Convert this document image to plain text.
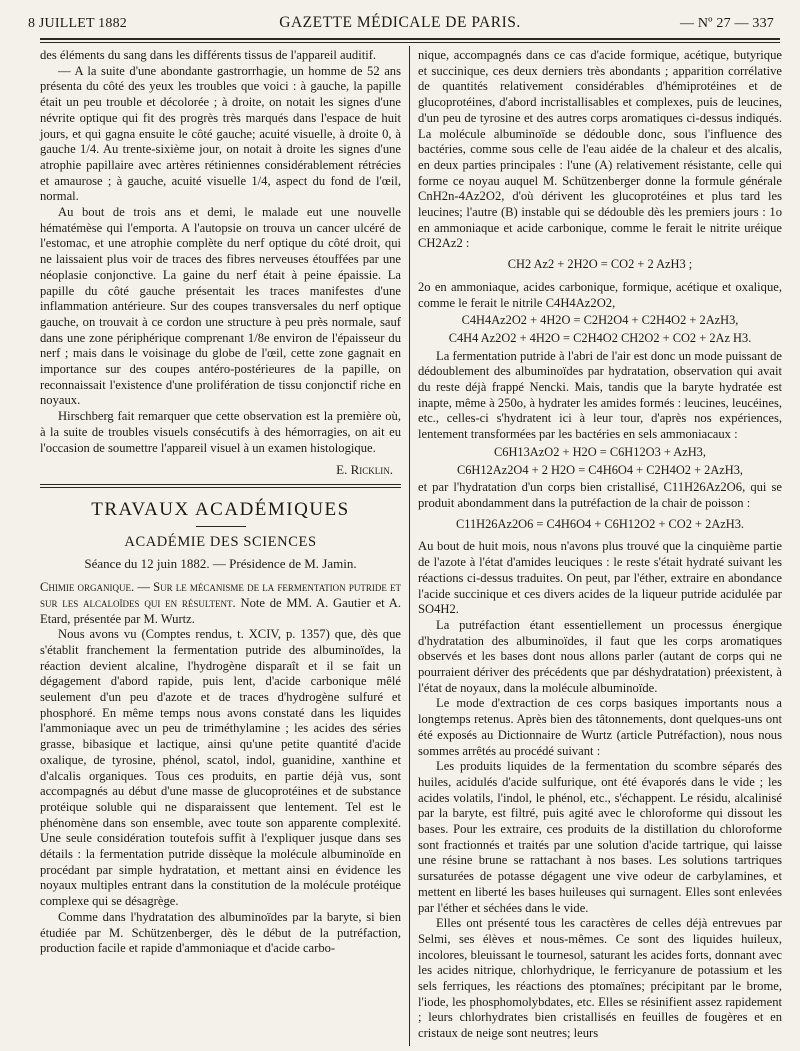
8 JUILLET 1882	GAZETTE MÉDICALE DE PARIS.	— Nº 27 — 337

des éléments du sang dans les différents tissus de l'appareil auditif.

— A la suite d'une abondante gastrorrhagie, un homme de 52 ans présenta du côté des yeux les troubles que voici : à gauche, la papille était un peu trouble et décolorée ; à droite, on notait les signes d'une névrite optique qui fit des progrès très marqués dans l'espace de huit jours, et qui gagna ensuite le côté gauche; acuité visuelle, à droite 0, à gauche 1/4. Au trente-sixième jour, on notait à droite les signes d'une atrophie papillaire avec artères rétiniennes considérablement rétrécies et amaurose ; à gauche, acuité visuelle 1/4, aspect du fond de l'œil, normal.

Au bout de trois ans et demi, le malade eut une nouvelle hématémèse qui l'emporta. A l'autopsie on trouva un cancer ulcéré de l'estomac, et une atrophie complète du nerf optique du côté droit, qui ne laissaient plus voir de traces des fibres nerveuses étouffées par une néoplasie conjonctive. La gaine du nerf était à peine épaissie. La papille du côté gauche présentait les traces manifestes d'une inflammation antérieure. Sur des coupes transversales du nerf optique gauche, on trouvait à ce cordon une structure à peu près normale, sauf dans une zone périphérique comprenant 1/8e environ de l'épaisseur du nerf ; mais dans le voisinage du globe de l'œil, cette zone gagnait en importance sur des coupes antéro-postérieures de la papille, on reconnaissait l'existence d'une prolifération de tissu conjonctif riche en noyaux.

Hirschberg fait remarquer que cette observation est la première où, à la suite de troubles visuels consécutifs à des hémorragies, on ait eu l'occasion de soumettre l'appareil visuel à un examen histologique.

E. Ricklin.
TRAVAUX ACADÉMIQUES
ACADÉMIE DES SCIENCES
Séance du 12 juin 1882. — Présidence de M. Jamin.

Chimie organique. — Sur le mécanisme de la fermentation putride et sur les alcaloïdes qui en résultent. Note de MM. A. Gautier et A. Etard, présentée par M. Wurtz.

Nous avons vu (Comptes rendus, t. XCIV, p. 1357) que, dès que s'établit franchement la fermentation putride des albuminoïdes, la réaction devient alcaline, l'hydrogène disparaît et il se fait un dégagement d'abord rapide, puis lent, d'acide carbonique mêlé seulement d'un peu d'azote et de traces d'hydrogène sulfuré et phosphoré. En même temps nous avons constaté dans les liquides l'ammoniaque avec un peu de triméthylamine ; les acides des séries grasse, bibasique et lactique, ainsi qu'une petite quantité d'acide oxalique, de tyrosine, phénol, scatol, indol, guanidine, xanthine et d'alcalis organiques. Tous ces produits, en partie déjà vus, sont accompagnés au début d'une masse de glucoprotéines et de substance protéique soluble qui ne disparaissent que lentement. Tel est le phénomène dans son ensemble, avec toute son apparente complexité. Une seule considération toutefois suffit à l'expliquer jusque dans ses détails : la fermentation putride dissèque la molécule albuminoïde en procédant par simple hydratation, et mettant ainsi en évidence les noyaux multiples entrant dans la constitution de la molécule protéique complexe qui se désagrège.

Comme dans l'hydratation des albuminoïdes par la baryte, si bien étudiée par M. Schützenberger, dès le début de la putréfaction, production facile et rapide d'ammoniaque et d'acide carbo-

nique, accompagnés dans ce cas d'acide formique, acétique, butyrique et succinique, ces deux derniers très abondants ; apparition corrélative de quantités relativement considérables d'hémiprotéines et de glucoprotéines, d'abord incristallisables et complexes, puis de leucines, d'un peu de tyrosine et des autres corps aromatiques ci-dessus indiqués. La molécule albuminoïde se dédouble donc, sous l'influence des bactéries, comme sous celle de l'eau aidée de la chaleur et des alcalis, en deux parties principales : l'une (A) relativement résistante, celle qui forme ce noyau auquel M. Schützenberger donne la formule générale CnH2n-4Az2O2, d'où dérivent les glucoprotéines et plus tard les leucines; l'autre (B) instable qui se dédouble dès les premiers jours : 1o en ammoniaque et acide carbonique, comme le ferait le nitrite uréique CH2Az2 :

CH2 Az2 + 2H2O = CO2 + 2 AzH3 ;

2o en ammoniaque, acides carbonique, formique, acétique et oxalique, comme le ferait le nitrile C4H4Az2O2,

C4H4Az2O2 + 4H2O = C2H2O4 + C2H4O2 + 2AzH3,
C4H4 Az2O2 + 4H2O = C2H4O2 CH2O2 + CO2 + 2Az H3.

La fermentation putride à l'abri de l'air est donc un mode puissant de dédoublement des albuminoïdes par hydratation, observation qui avait du reste déjà frappé Nencki. Mais, tandis que la baryte hydratée est inapte, même à 250o, à hydrater les amides formés : leucines, leucéines, etc., celles-ci s'hydratent ici à leur tour, d'après nos expériences, lentement transformées par les bactéries en sels ammoniacaux :

C6H13AzO2 + H2O = C6H12O3 + AzH3,
C6H12Az2O4 + 2 H2O = C4H6O4 + C2H4O2 + 2AzH3,

et par l'hydratation d'un corps bien cristallisé, C11H26Az2O6, qui se produit abondamment dans la putréfaction de la chair de poisson :

C11H26Az2O6 = C4H6O4 + C6H12O2 + CO2 + 2AzH3.

Au bout de huit mois, nous n'avons plus trouvé que la cinquième partie de l'azote à l'état d'amides leuciques : le reste s'était hydraté suivant les réactions ci-dessus traduites. On peut, par l'éther, extraire en abondance l'acide succinique et ces divers acides de la liqueur putride acidulée par SO4H2.

La putréfaction étant essentiellement un processus énergique d'hydratation des albuminoïdes, il faut que les corps aromatiques observés et les bases dont nous allons parler (autant de corps qui ne pourraient dériver des précédents que par déshydratation) préexistent, à l'état de noyaux, dans la molécule albuminoïde.

Le mode d'extraction de ces corps basiques importants nous a longtemps retenus. Après bien des tâtonnements, dont quelques-uns ont été exposés au Dictionnaire de Wurtz (article Putréfaction), nous nous sommes arrêtés au procédé suivant :

Les produits liquides de la fermentation du scombre séparés des huiles, acidulés d'acide sulfurique, ont été évaporés dans le vide ; les acides volatils, l'indol, le phénol, etc., s'échappent. Le résidu, alcalinisé par la baryte, est filtré, puis agité avec le chloroforme qui dissout les bases. Pour les extraire, ces produits de la distillation du chloroforme sont fractionnés et traités par une solution d'acide tartrique, qui laisse une résine brune se rattachant à nos bases. Les solutions tartriques sursaturées de potasse dégagent une vive odeur de carbylamines, et mettent en liberté les bases huileuses qui surnagent. Elles sont enlevées par l'éther et séchées dans le vide.

Elles ont présenté tous les caractères de celles déjà entrevues par Selmi, ses élèves et nous-mêmes. Ce sont des liquides huileux, incolores, bleuissant le tournesol, saturant les acides forts, donnant avec les acides nitrique, chlorhydrique, le ferricyanure de potassium et les sels ferriques, les réactions des ptomaïnes; précipitant par le brome, l'iode, les phosphomolybdates, etc. Elles se résinifient assez rapidement ; leurs chlorhydrates bien cristallisés en feuilles de fougères et en cristaux de neige sont neutres; leurs
